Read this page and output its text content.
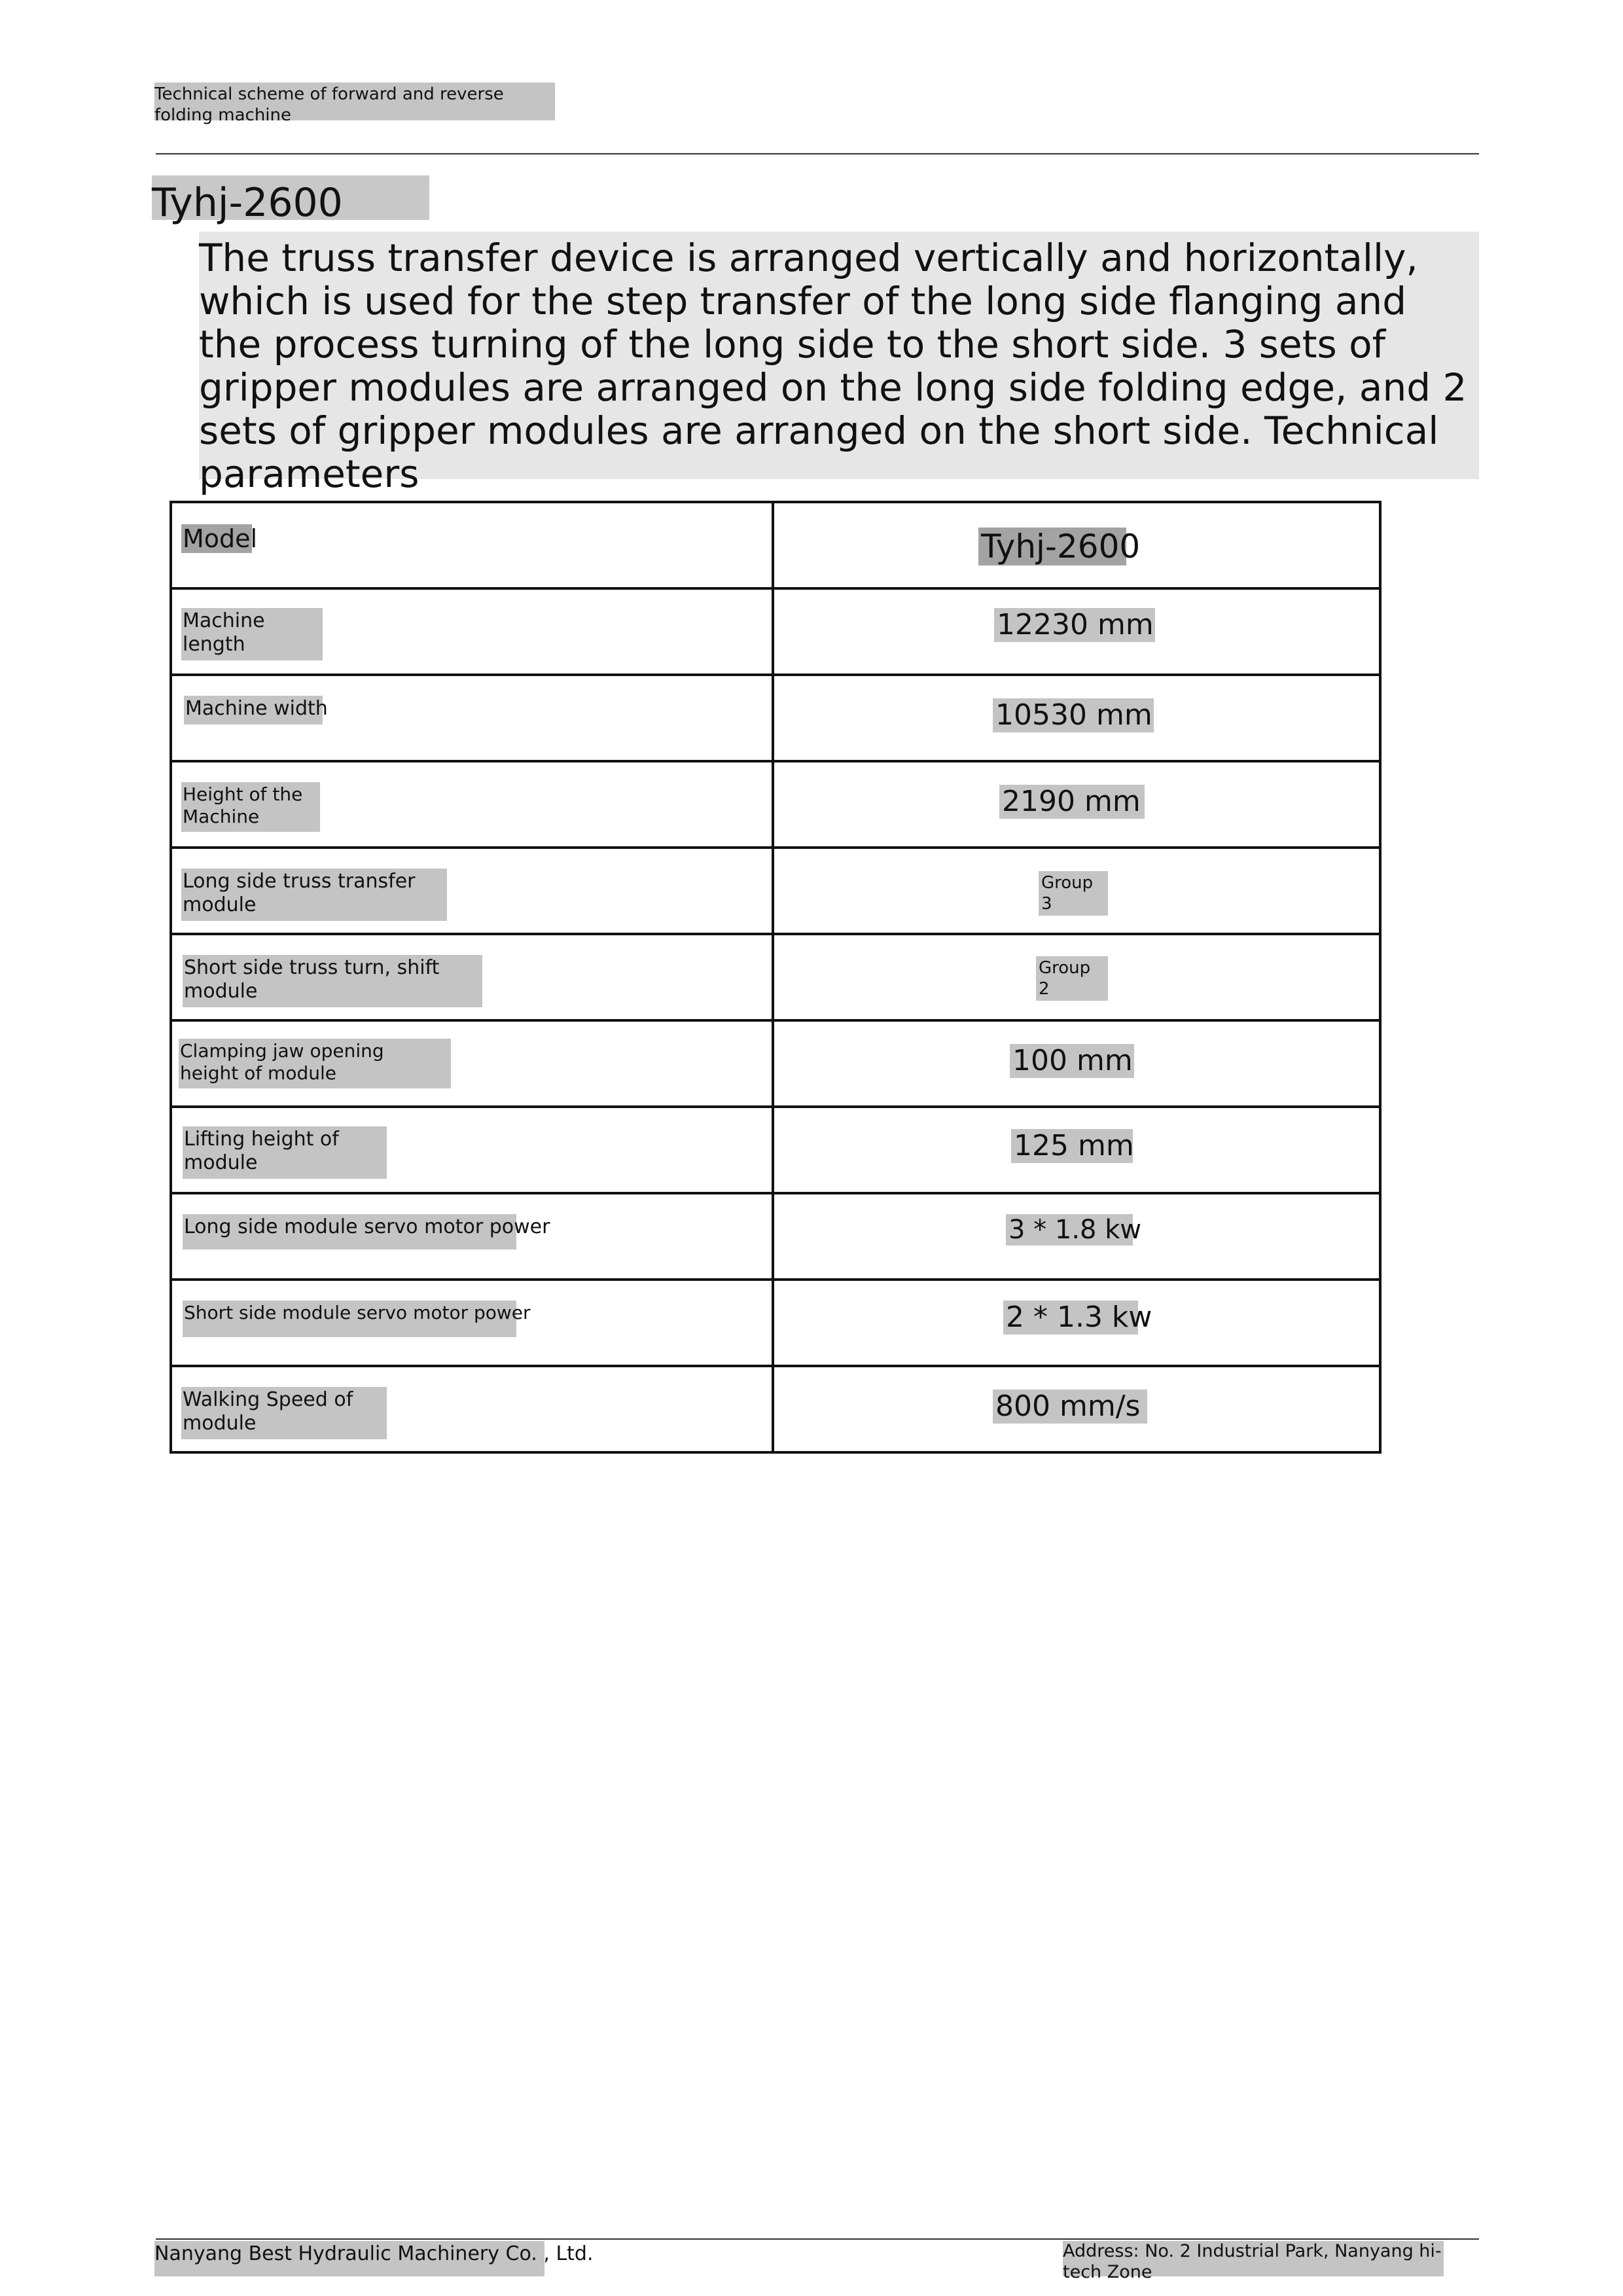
Technical scheme of forward and reverse folding machine
Tyhj-2600
The truss transfer device is arranged vertically and horizontally, which is used for the step transfer of the long side flanging and the process turning of the long side to the short side. 3 sets of gripper modules are arranged on the long side folding edge, and 2 sets of gripper modules are arranged on the short side. Technical parameters
Model	Tyhj-2600

Machine length	12230 mm

Machine width	10530 mm

Height of the Machine	2190 mm

Long side truss transfer module	Group 3

Short side truss turn, shift module	Group 2

Clamping jaw opening height of module	100 mm

Lifting height of module	125 mm

Long side module servo motor power	3 * 1.8 kw

Short side module servo motor power	2 * 1.3 kw

Walking Speed of module	800 mm/s
Nanyang Best Hydraulic Machinery Co. , Ltd.	Address: No. 2 Industrial Park, Nanyang hi-tech Zone
